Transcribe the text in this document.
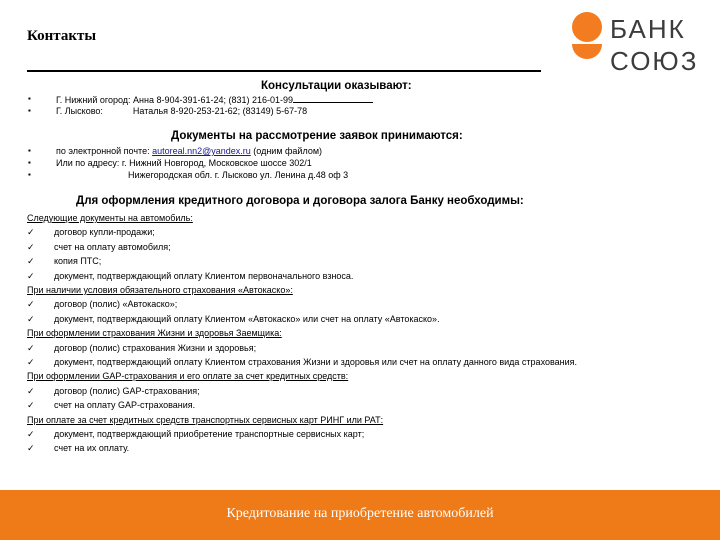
Контакты	БАНК
СОЮЗ
Консультации оказывают:
▪	Г. Нижний огород: Анна 8-904-391-61-24; (831) 216-01-99
▪	Г. Лысково:            Наталья 8-920-253-21-62; (83149) 5-67-78
Документы на рассмотрение заявок принимаются:
▪	по электронной почте: autoreal.nn2@yandex.ru (одним файлом)
▪	Или по адресу: г. Нижний Новгород, Московское шоссе 302/1
▪	Нижегородская обл. г. Лысково ул. Ленина д.48 оф 3
Для оформления кредитного договора и договора залога Банку необходимы:
Следующие документы на автомобиль:
✓ договор купли-продажи;
✓ счет на оплату автомобиля;
✓ копия ПТС;
✓ документ, подтверждающий оплату Клиентом первоначального взноса.
При наличии условия обязательного страхования «Автокаско»:
✓ договор (полис) «Автокаско»;
✓ документ, подтверждающий оплату Клиентом «Автокаско» или счет на оплату «Автокаско».
При оформлении страхования Жизни и здоровья Заемщика:
✓ договор (полис) страхования Жизни и здоровья;
✓ документ, подтверждающий оплату Клиентом страхования Жизни и здоровья или счет на оплату данного вида страхования.
При оформлении GAP-страхования и его оплате за счет кредитных средств:
✓ договор (полис) GAP-страхования;
✓ счет на оплату GAP-страхования.
При оплате за счет кредитных средств транспортных сервисных карт РИНГ или РАТ:
✓ документ, подтверждающий приобретение транспортные сервисных карт;
✓ счет на их оплату.
Кредитование на приобретение автомобилей
